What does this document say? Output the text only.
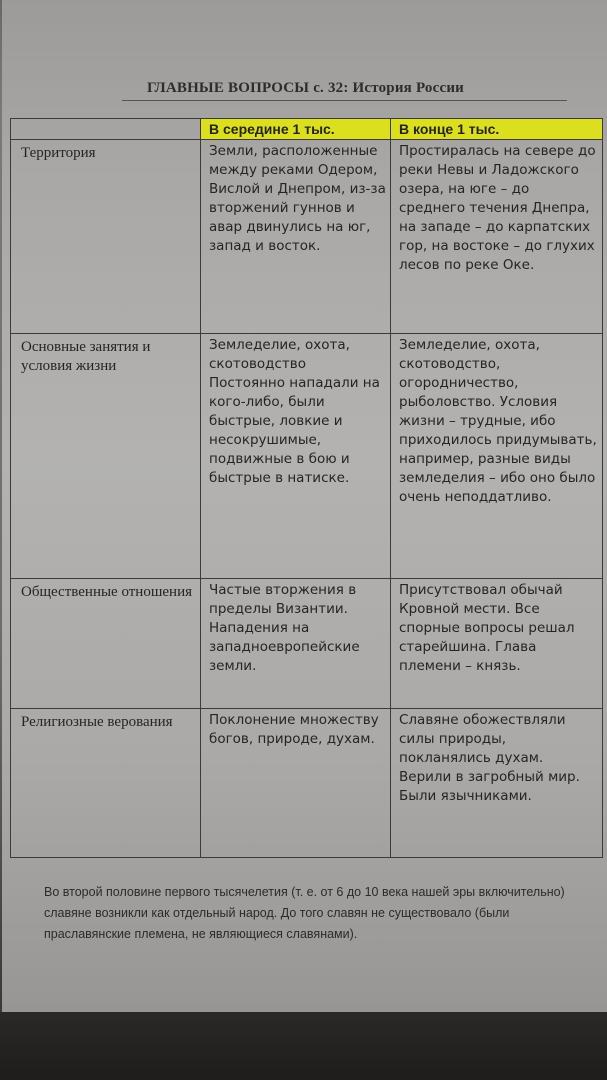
ГЛАВНЫЕ ВОПРОСЫ с. 32: История России
	В середине 1 тыс.	В конце 1 тыс.
Территория	Земли, расположенные между реками Одером, Вислой и Днепром, из-за вторжений гуннов и авар двинулись на юг, запад и восток.	Простиралась на севере до реки Невы и Ладожского озера, на юге – до среднего течения Днепра, на западе – до карпатских гор, на востоке – до глухих лесов по реке Оке.
Основные занятия и условия жизни	Земледелие, охота, скотоводство Постоянно нападали на кого-либо, были быстрые, ловкие и несокрушимые, подвижные в бою и быстрые в натиске.	Земледелие, охота, скотоводство, огородничество, рыболовство. Условия жизни – трудные, ибо приходилось придумывать, например, разные виды земледелия – ибо оно было очень неподдатливо.
Общественные отношения	Частые вторжения в пределы Византии. Нападения на западноевропейские земли.	Присутствовал обычай Кровной мести. Все спорные вопросы решал старейшина. Глава племени – князь.
Религиозные верования	Поклонение множеству богов, природе, духам.	Славяне обожествляли силы природы, покланялись духам. Верили в загробный мир. Были язычниками.
Во второй половине первого тысячелетия (т. е. от 6 до 10 века нашей эры включительно) славяне возникли как отдельный народ. До того славян не существовало (были праславянские племена, не являющиеся славянами).
